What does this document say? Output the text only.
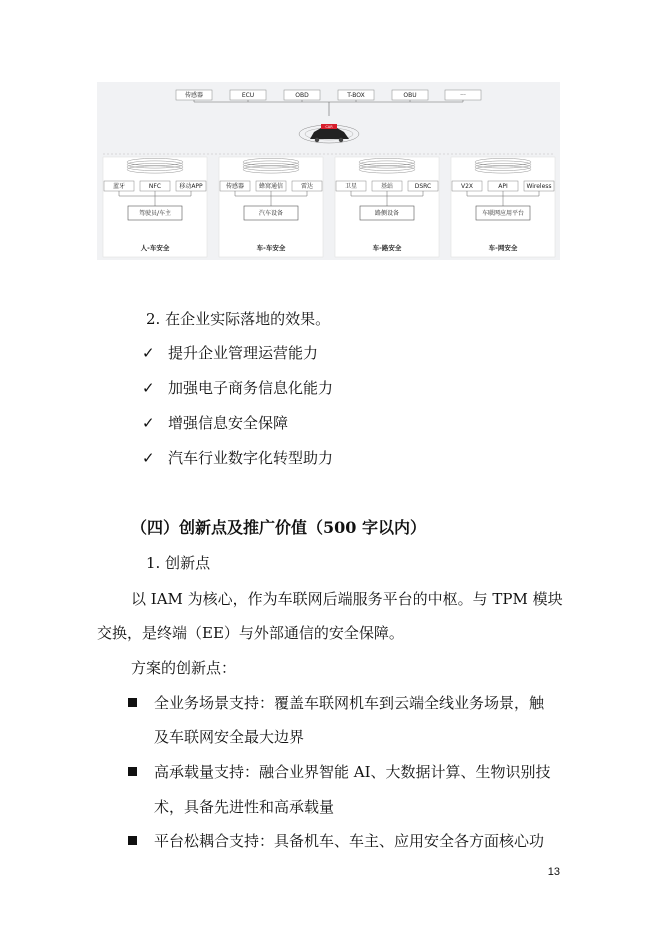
CAR
传感器	ECU	OBD	T-BOX	OBU	···
蓝牙	NFC	移动APP
驾驶员/车主
人-车安全
传感器 蜂窝通信	雷达
汽车设备
车-车安全
卫星	基站	DSRC
路侧设备
车-路安全
V2X	API	Wireless
车联网应用平台
车-网安全
2. 在企业实际落地的效果。
✓ 提升企业管理运营能力
✓ 加强电子商务信息化能力
✓ 增强信息安全保障
✓ 汽车行业数字化转型助力
（四）创新点及推广价值（500 字以内）
1. 创新点
以 IAM 为核心，作为车联网后端服务平台的中枢。与 TPM 模块
交换，是终端（EE）与外部通信的安全保障。
方案的创新点：
全业务场景支持：覆盖车联网机车到云端全线业务场景，触
及车联网安全最大边界
高承载量支持：融合业界智能 AI、大数据计算、生物识别技
术，具备先进性和高承载量
平台松耦合支持：具备机车、车主、应用安全各方面核心功
13
